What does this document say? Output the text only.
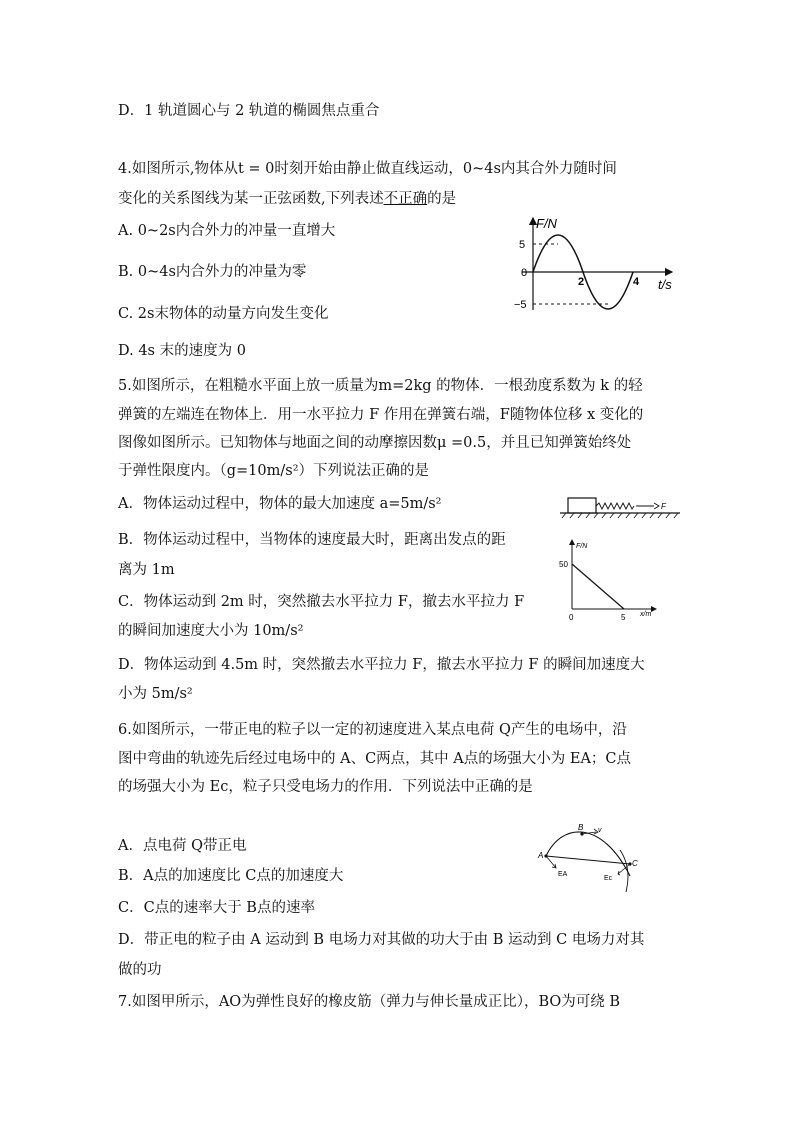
D．1 轨道圆心与 2 轨道的椭圆焦点重合
4.如图所示,物体从t = 0时刻开始由静止做直线运动，0~4s内其合外力随时间
变化的关系图线为某一正弦函数,下列表述不正确的是
A. 0~2s内合外力的冲量一直增大
B. 0~4s内合外力的冲量为零
C. 2s末物体的动量方向发生变化
D. 4s 末的速度为 0
F/N
5
0
−5
2	4 t/s
5.如图所示，在粗糙水平面上放一质量为m=2kg 的物体．一根劲度系数为 k 的轻
弹簧的左端连在物体上．用一水平拉力 F 作用在弹簧右端，F随物体位移 x 变化的
图像如图所示。已知物体与地面之间的动摩擦因数μ =0.5，并且已知弹簧始终处
于弹性限度内。（g=10m/s²）下列说法正确的是
A．物体运动过程中，物体的最大加速度 a=5m/s²
B．物体运动过程中，当物体的速度最大时，距离出发点的距
离为 1m
C．物体运动到 2m 时，突然撤去水平拉力 F，撤去水平拉力 F
的瞬间加速度大小为 10m/s²
D．物体运动到 4.5m 时，突然撤去水平拉力 F，撤去水平拉力 F 的瞬间加速度大
小为 5m/s²
F
F/N
50
0	5 x/m
6.如图所示，一带正电的粒子以一定的初速度进入某点电荷 Q产生的电场中，沿
图中弯曲的轨迹先后经过电场中的 A、C两点，其中 A点的场强大小为 EA；C点
的场强大小为 Ec，粒子只受电场力的作用．下列说法中正确的是
A．点电荷 Q带正电
B．A点的加速度比 C点的加速度大
C．C点的速率大于 B点的速率
D．带正电的粒子由 A 运动到 B 电场力对其做的功大于由 B 运动到 C 电场力对其
做的功
A
B v
C
EA
Ec
7.如图甲所示，AO为弹性良好的橡皮筋（弹力与伸长量成正比），BO为可绕 B
